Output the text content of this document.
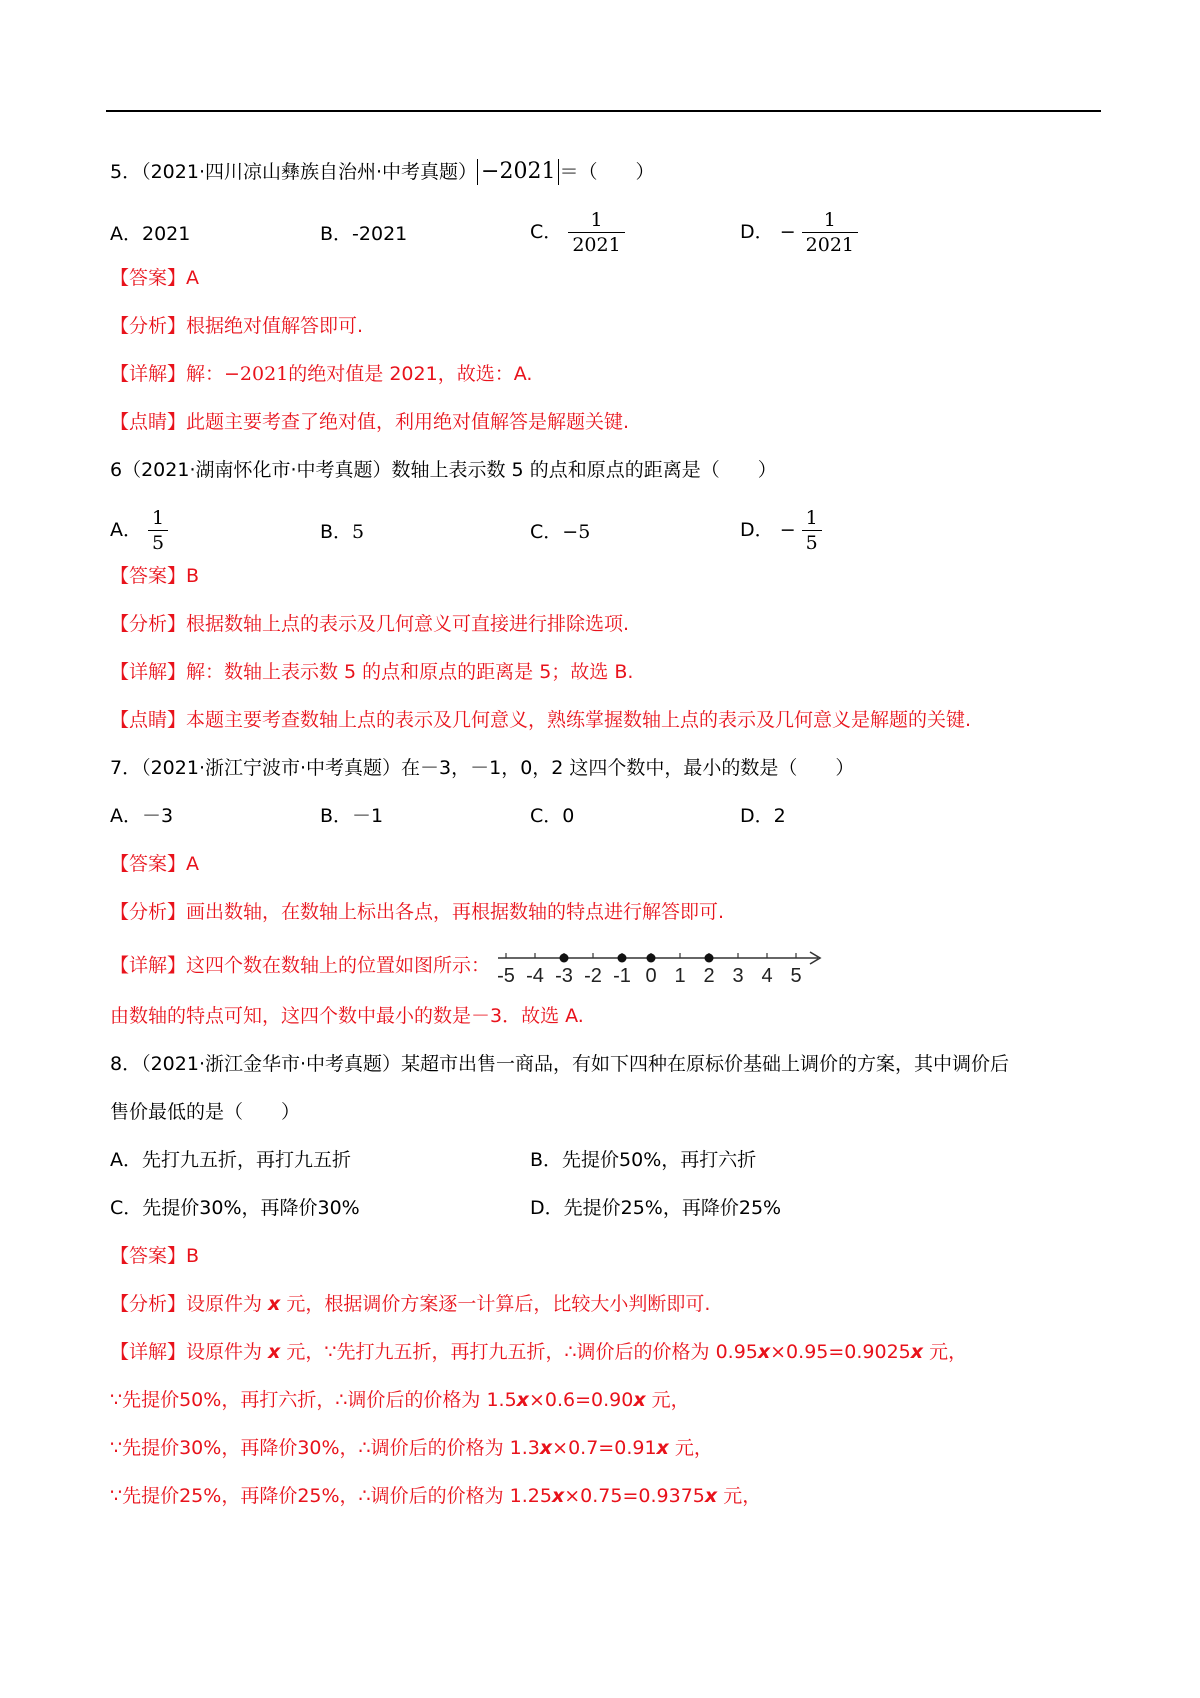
5．（2021·四川凉山彝族自治州·中考真题） −2021 ＝（　　）
A．2021	B．-2021	C． $\frac{1}{2021}$	D． − $\frac{1}{2021}$
【答案】A
【分析】根据绝对值解答即可.
【详解】解：−2021的绝对值是 2021，故选：A.
【点睛】此题主要考查了绝对值，利用绝对值解答是解题关键.
6（2021·湖南怀化市·中考真题）数轴上表示数 5 的点和原点的距离是（　　）
A． $\frac{1}{5}$	B．5	C．−5	D． − $\frac{1}{5}$
【答案】B
【分析】根据数轴上点的表示及几何意义可直接进行排除选项.
【详解】解：数轴上表示数 5 的点和原点的距离是 5；故选 B.
【点睛】本题主要考查数轴上点的表示及几何意义，熟练掌握数轴上点的表示及几何意义是解题的关键.
7．（2021·浙江宁波市·中考真题）在－3，－1，0，2 这四个数中，最小的数是（　　）
A．－3	B．－1	C．0	D．2
【答案】A
【分析】画出数轴，在数轴上标出各点，再根据数轴的特点进行解答即可.
【详解】这四个数在数轴上的位置如图所示： -5 -4 -3 -2 -1 0 1 2 3 4 5
由数轴的特点可知，这四个数中最小的数是－3．故选 A.
8．（2021·浙江金华市·中考真题）某超市出售一商品，有如下四种在原标价基础上调价的方案，其中调价后
售价最低的是（　　）
A．先打九五折，再打九五折	B．先提价50%，再打六折
C．先提价30%，再降价30%	D．先提价25%，再降价25%
【答案】B
【分析】设原件为 x 元，根据调价方案逐一计算后，比较大小判断即可.
【详解】设原件为 x 元，∵先打九五折，再打九五折，∴调价后的价格为 0.95x×0.95=0.9025x 元，
∵先提价50%，再打六折，∴调价后的价格为 1.5x×0.6=0.90x 元，
∵先提价30%，再降价30%，∴调价后的价格为 1.3x×0.7=0.91x 元，
∵先提价25%，再降价25%，∴调价后的价格为 1.25x×0.75=0.9375x 元，
